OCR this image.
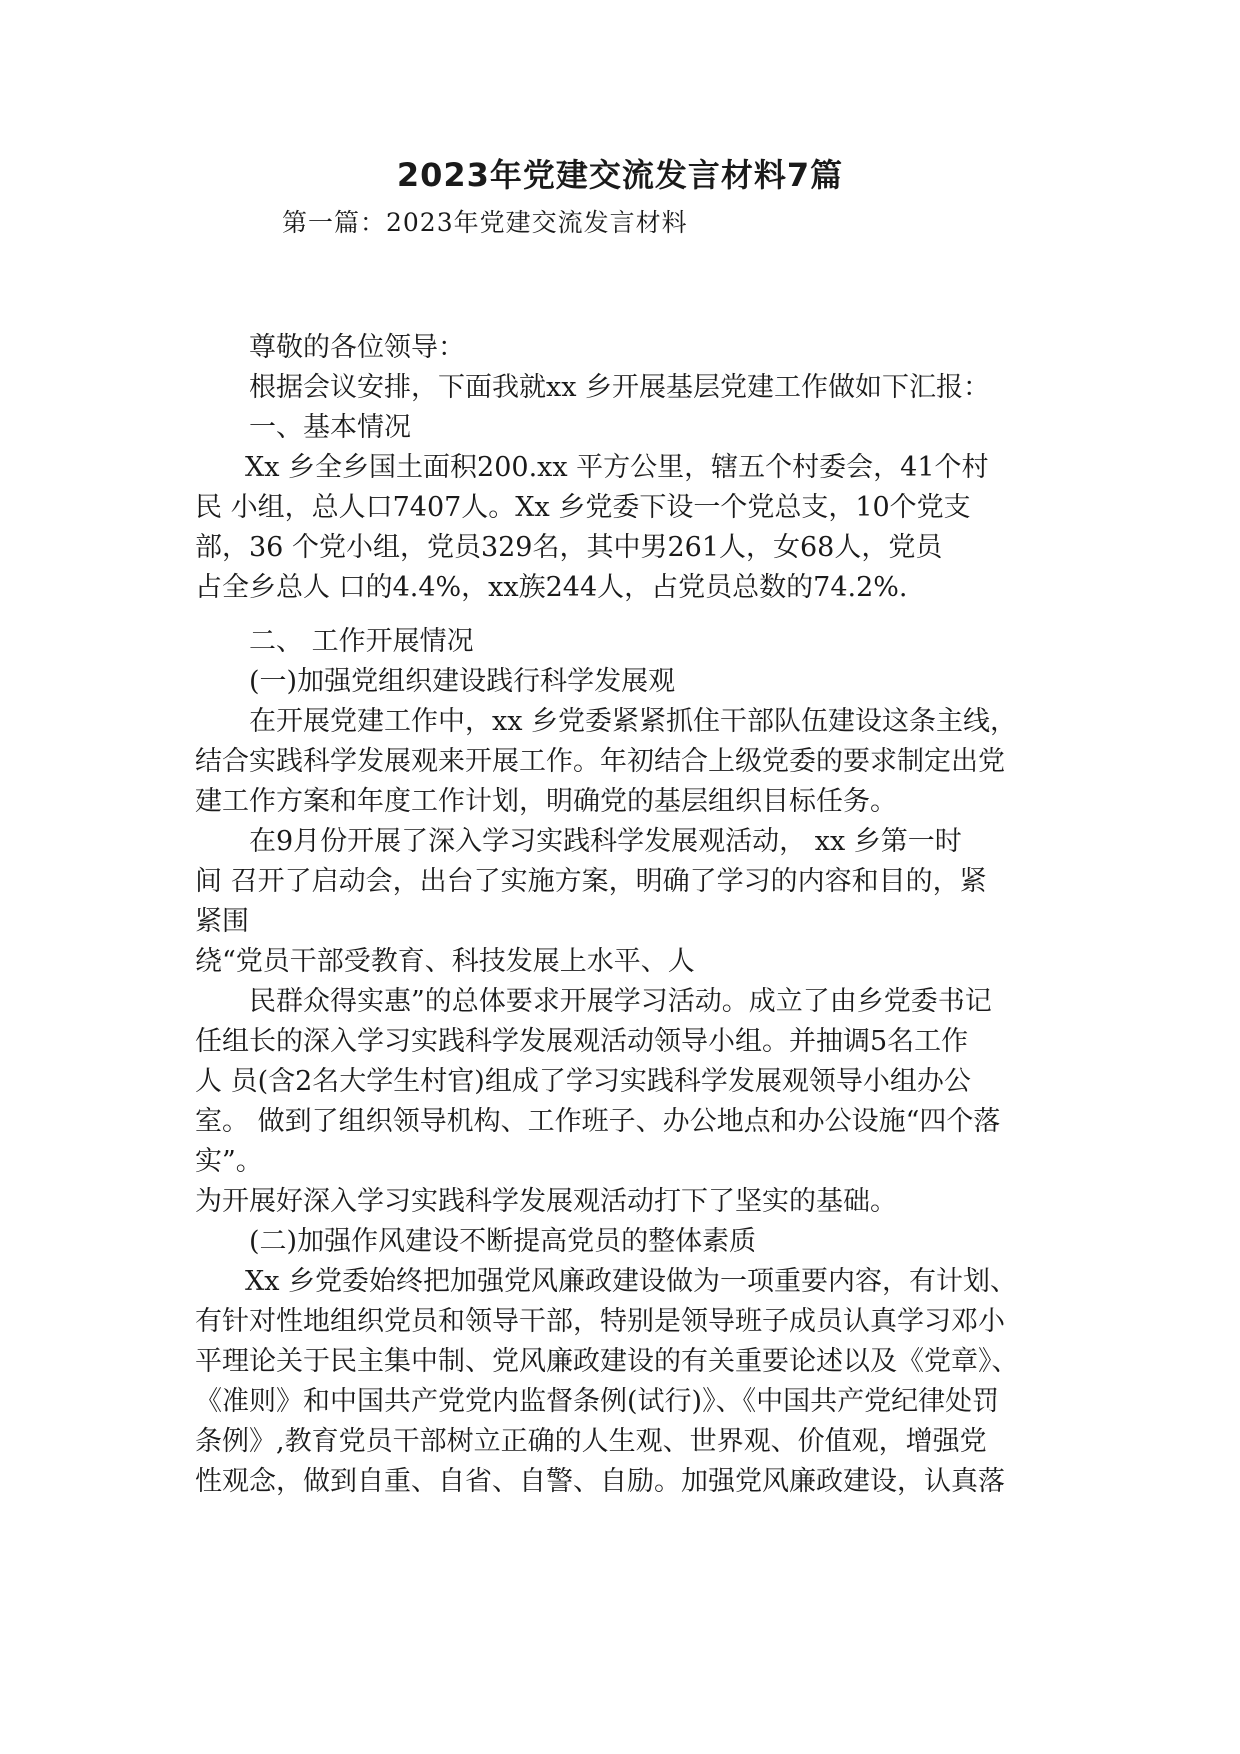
2023年党建交流发言材料7篇

第一篇：2023年党建交流发言材料

尊敬的各位领导：

根据会议安排，下面我就xx 乡开展基层党建工作做如下汇报：

一、基本情况

Xx 乡全乡国土面积200.xx 平方公里，辖五个村委会，41个村

民 小组，总人口7407人。Xx 乡党委下设一个党总支，10个党支

部，36 个党小组，党员329名，其中男261人，女68人，党员

占全乡总人 口的4.4%，xx族244人，占党员总数的74.2%.

二、 工作开展情况

(一)加强党组织建设践行科学发展观

在开展党建工作中，xx 乡党委紧紧抓住干部队伍建设这条主线，

结合实践科学发展观来开展工作。年初结合上级党委的要求制定出党

建工作方案和年度工作计划，明确党的基层组织目标任务。

在9月份开展了深入学习实践科学发展观活动， xx 乡第一时

间 召开了启动会，出台了实施方案，明确了学习的内容和目的，紧

紧围

绕“党员干部受教育、科技发展上水平、人

民群众得实惠”的总体要求开展学习活动。成立了由乡党委书记

任组长的深入学习实践科学发展观活动领导小组。并抽调5名工作

人 员(含2名大学生村官)组成了学习实践科学发展观领导小组办公

室。 做到了组织领导机构、工作班子、办公地点和办公设施“四个落

实”。

为开展好深入学习实践科学发展观活动打下了坚实的基础。

(二)加强作风建设不断提高党员的整体素质

Xx 乡党委始终把加强党风廉政建设做为一项重要内容，有计划、

有针对性地组织党员和领导干部，特别是领导班子成员认真学习邓小

平理论关于民主集中制、党风廉政建设的有关重要论述以及《党章》、

《准则》和中国共产党党内监督条例(试行)》、《中国共产党纪律处罚

条例》,教育党员干部树立正确的人生观、世界观、价值观，增强党

性观念，做到自重、自省、自警、自励。加强党风廉政建设，认真落
